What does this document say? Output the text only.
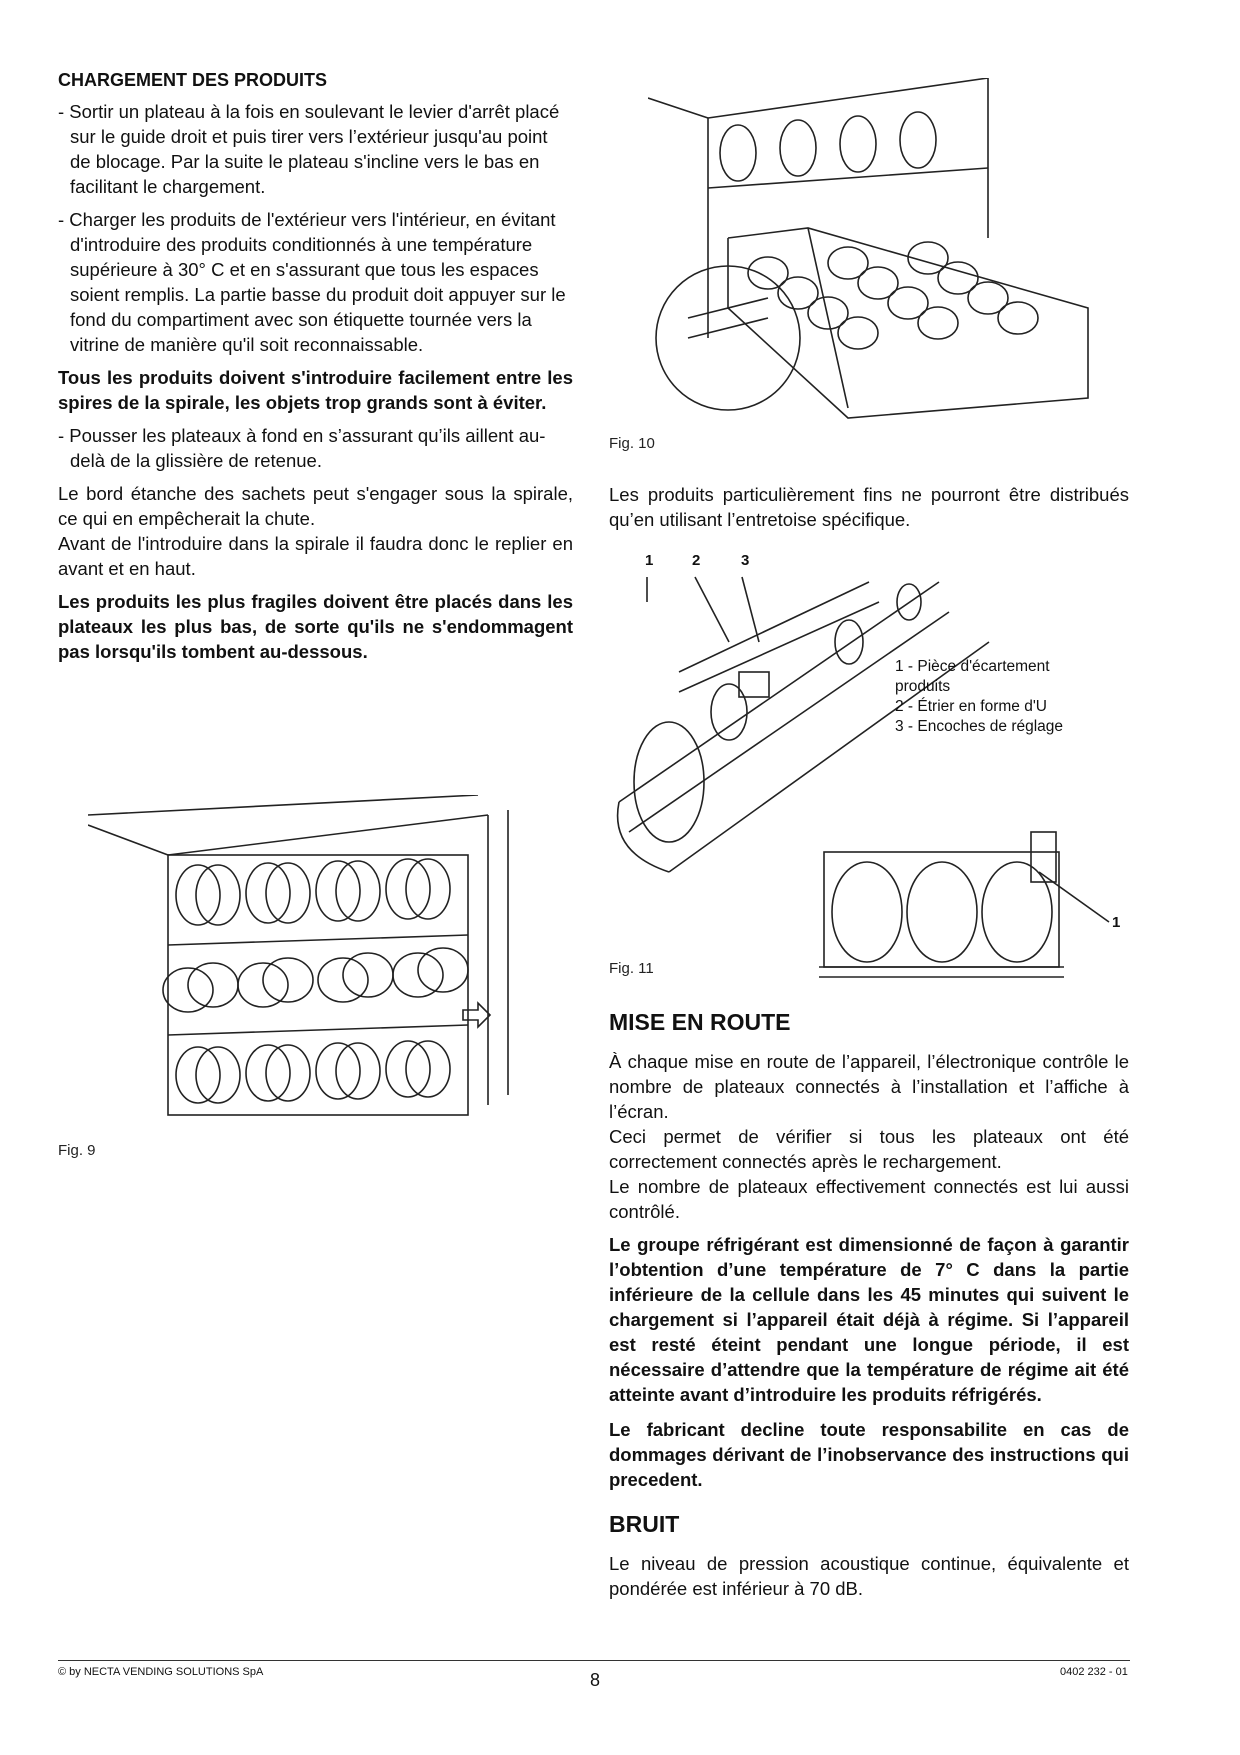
CHARGEMENT DES PRODUITS

- Sortir un plateau à la fois en soulevant le levier d'arrêt placé sur le guide droit et puis tirer vers l’extérieur jusqu'au point de blocage. Par la suite le plateau s'incline vers le bas en facilitant le chargement.

- Charger les produits de l'extérieur vers l'intérieur, en évitant d'introduire des produits conditionnés à une température supérieure à 30° C et en s'assurant que tous les espaces soient remplis. La partie basse du produit doit appuyer sur le fond du compartiment avec son étiquette tournée vers la vitrine de manière qu'il soit reconnaissable.

Tous les produits doivent s'introduire facilement entre les spires de la spirale, les objets trop grands sont à éviter.

- Pousser les plateaux à fond en s’assurant qu’ils aillent au-delà de la glissière de retenue.

Le bord étanche des sachets peut s'engager sous la spirale, ce qui en empêcherait la chute.

Avant de l'introduire dans la spirale il faudra donc le replier en avant et en haut.

Les produits les plus fragiles doivent être placés dans les plateaux les plus bas, de sorte qu'ils ne s'endommagent pas lorsqu'ils tombent au-dessous.

Fig. 9
Fig. 10

Les produits particulièrement fins ne pourront être distribués qu’en utilisant l’entretoise spécifique.

1	2	3
1 - Pièce d'écartement
produits
2 - Étrier en forme d'U
3 - Encoches de réglage
1
Fig. 11
MISE EN ROUTE

À chaque mise en route de l’appareil, l’électronique contrôle le nombre de plateaux connectés à l’installation et l’affiche à l’écran.

Ceci permet de vérifier si tous les plateaux ont été correctement connectés après le rechargement.

Le nombre de plateaux effectivement connectés est lui aussi contrôlé.

Le groupe réfrigérant est dimensionné de façon à garantir l’obtention d’une température de 7° C dans la partie inférieure de la cellule dans les 45 minutes qui suivent le chargement si l’appareil était déjà à régime. Si l’appareil est resté éteint pendant une longue période, il est nécessaire d’attendre que la température de régime ait été atteinte avant d’introduire les produits réfrigérés.

Le fabricant decline toute responsabilite en cas de dommages dérivant de l’inobservance des instructions qui precedent.

BRUIT

Le niveau de pression acoustique continue, équivalente et pondérée est inférieur à 70 dB.

© by NECTA VENDING SOLUTIONS SpA	8	0402 232 - 01
